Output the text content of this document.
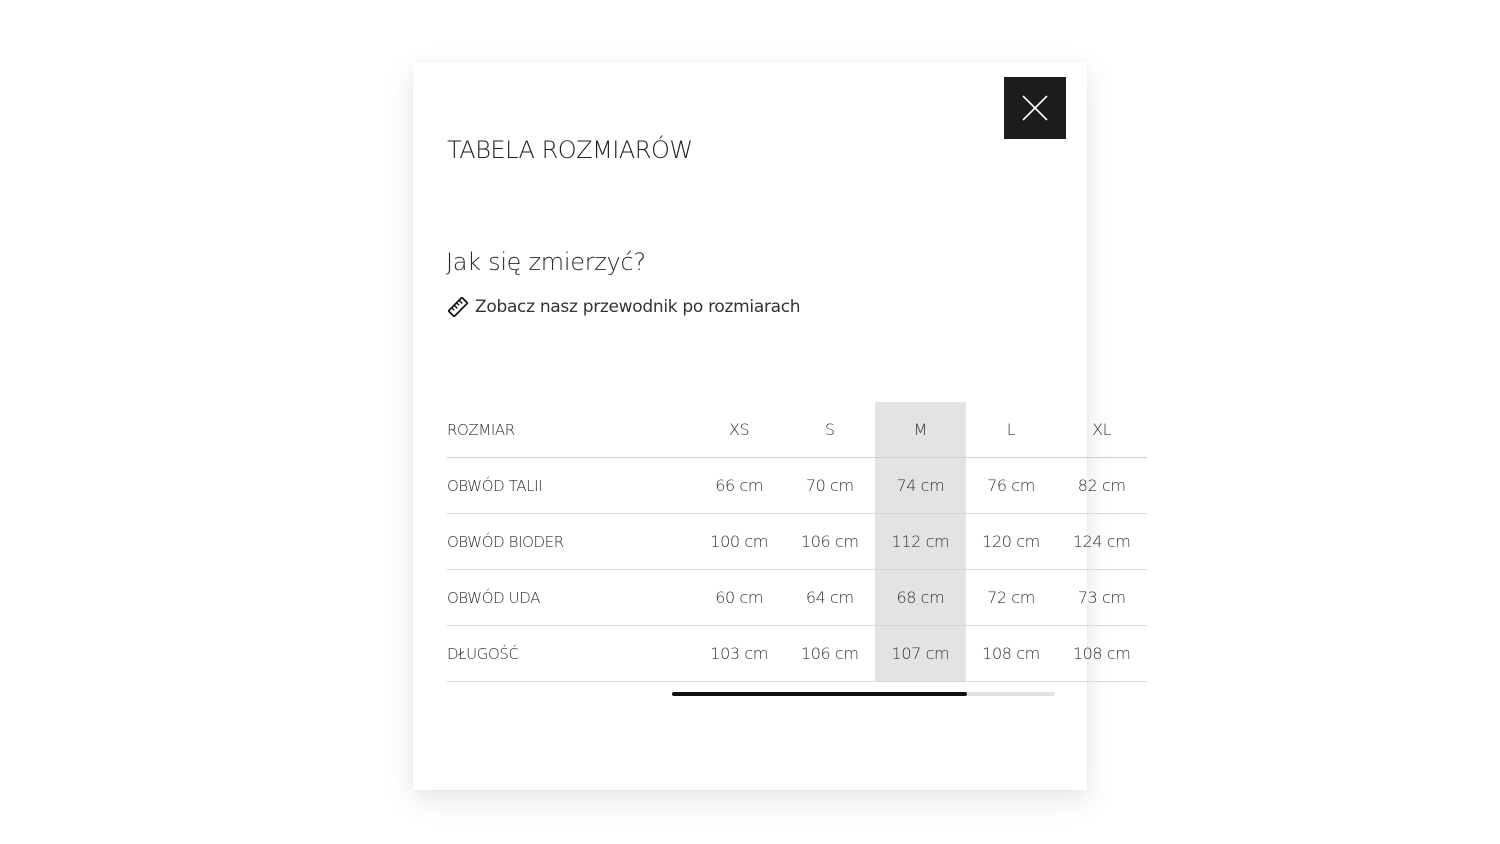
TABELA ROZMIARÓW
Jak się zmierzyć?
Zobacz nasz przewodnik po rozmiarach
ROZMIAR	XS	S	M	L	XL
OBWÓD TALII	66 cm	70 cm	74 cm	76 cm	82 cm
OBWÓD BIODER	100 cm	106 cm	112 cm	120 cm	124 cm
OBWÓD UDA	60 cm	64 cm	68 cm	72 cm	73 cm
DŁUGOŚĆ	103 cm	106 cm	107 cm	108 cm	108 cm
